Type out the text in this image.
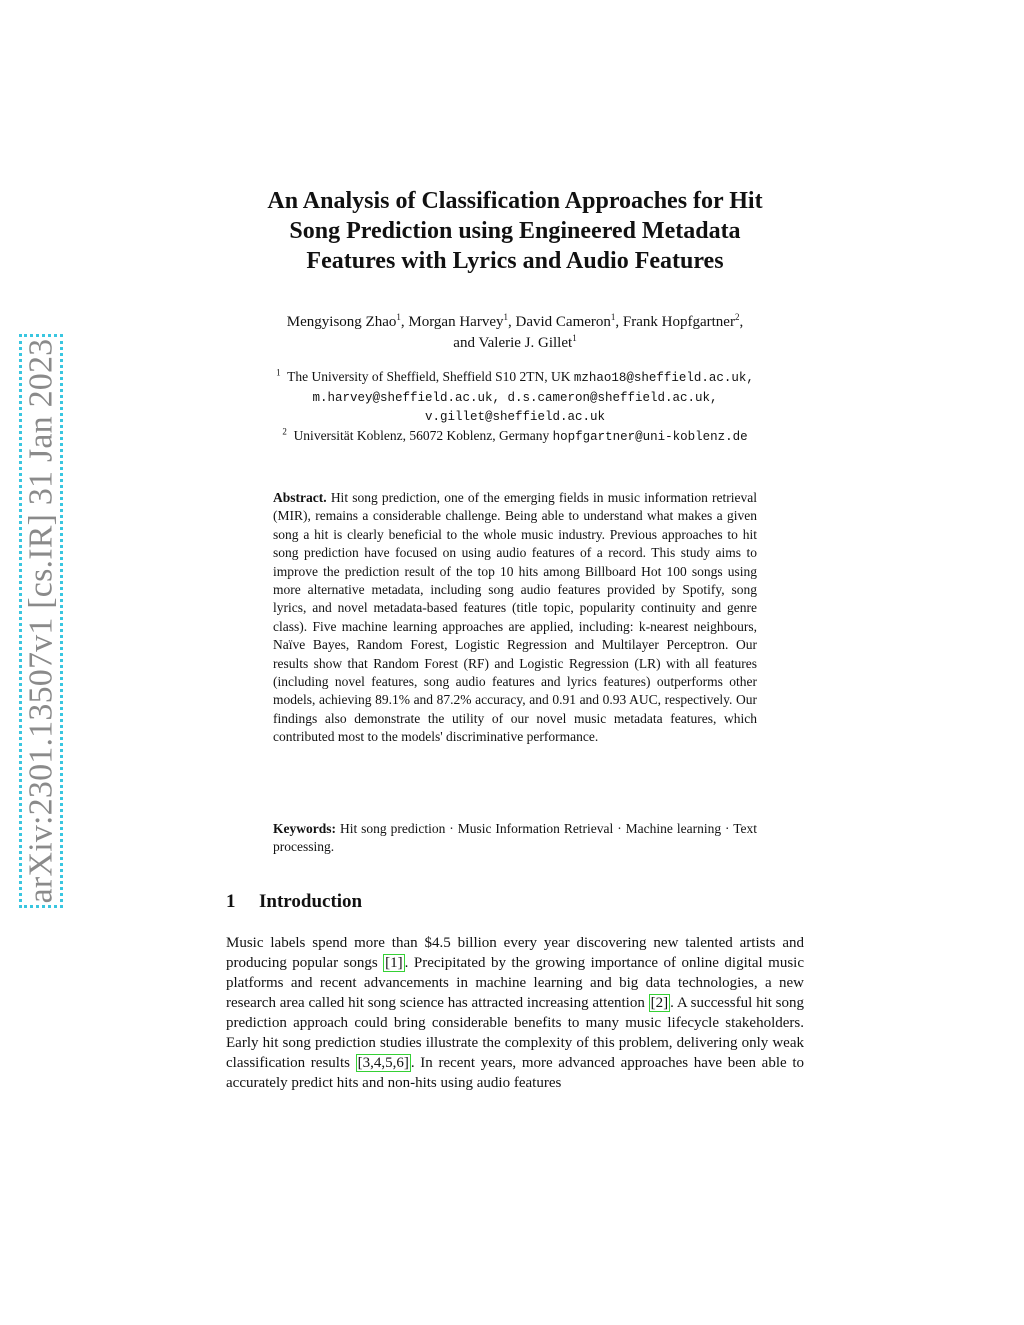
arXiv:2301.13507v1 [cs.IR] 31 Jan 2023
An Analysis of Classification Approaches for Hit
Song Prediction using Engineered Metadata
Features with Lyrics and Audio Features
Mengyisong Zhao$^1$, Morgan Harvey$^1$, David Cameron$^1$, Frank Hopfgartner$^2$,
and Valerie J. Gillet$^1$
$^1$ The University of Sheffield, Sheffield S10 2TN, UK mzhao18@sheffield.ac.uk,
m.harvey@sheffield.ac.uk, d.s.cameron@sheffield.ac.uk,
v.gillet@sheffield.ac.uk
$^2$ Universität Koblenz, 56072 Koblenz, Germany hopfgartner@uni-koblenz.de
Abstract. Hit song prediction, one of the emerging fields in music information retrieval (MIR), remains a considerable challenge. Being able to understand what makes a given song a hit is clearly beneficial to the whole music industry. Previous approaches to hit song prediction have focused on using audio features of a record. This study aims to improve the prediction result of the top 10 hits among Billboard Hot 100 songs using more alternative metadata, including song audio features provided by Spotify, song lyrics, and novel metadata-based features (title topic, popularity continuity and genre class). Five machine learning approaches are applied, including: k-nearest neighbours, Naïve Bayes, Random Forest, Logistic Regression and Multilayer Perceptron. Our results show that Random Forest (RF) and Logistic Regression (LR) with all features (including novel features, song audio features and lyrics features) outperforms other models, achieving 89.1% and 87.2% accuracy, and 0.91 and 0.93 AUC, respectively. Our findings also demonstrate the utility of our novel music metadata features, which contributed most to the models' discriminative performance.
Keywords: Hit song prediction · Music Information Retrieval · Machine learning · Text processing.
1 Introduction
Music labels spend more than $4.5 billion every year discovering new talented artists and producing popular songs [1] . Precipitated by the growing importance of online digital music platforms and recent advancements in machine learning and big data technologies, a new research area called hit song science has attracted increasing attention [2] . A successful hit song prediction approach could bring considerable benefits to many music lifecycle stakeholders. Early hit song prediction studies illustrate the complexity of this problem, delivering only weak classification results [3,4,5,6] . In recent years, more advanced approaches have been able to accurately predict hits and non-hits using audio features
